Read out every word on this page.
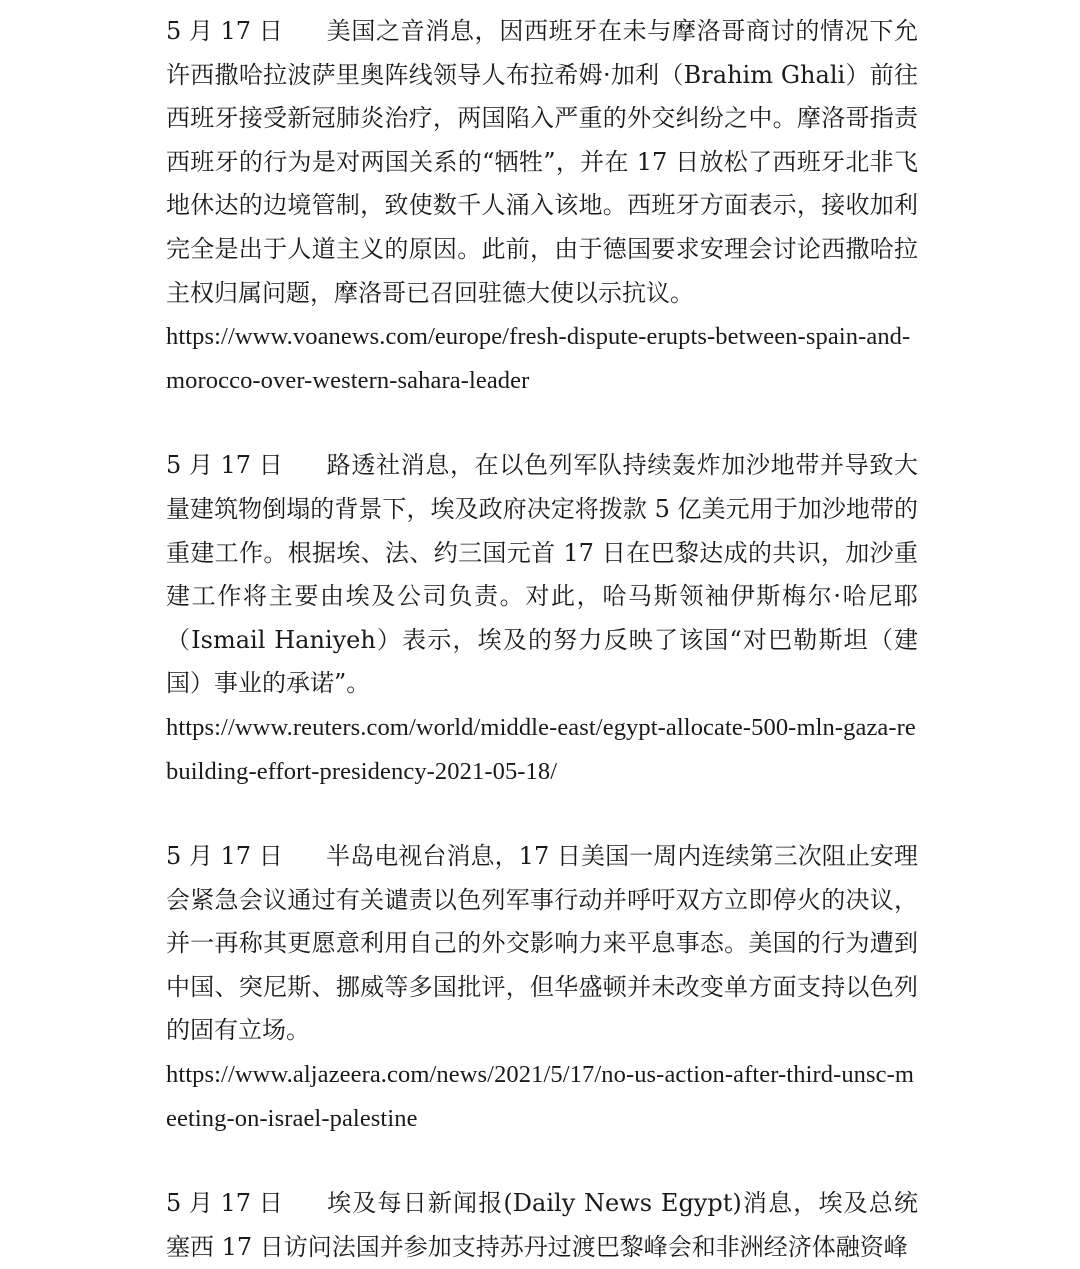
5 月 17 日 美国之音消息，因西班牙在未与摩洛哥商讨的情况下允许西撒哈拉波萨里奥阵线领导人布拉希姆·加利（Brahim Ghali）前往西班牙接受新冠肺炎治疗，两国陷入严重的外交纠纷之中。摩洛哥指责西班牙的行为是对两国关系的“牺牲”，并在 17 日放松了西班牙北非飞地休达的边境管制，致使数千人涌入该地。西班牙方面表示，接收加利完全是出于人道主义的原因。此前，由于德国要求安理会讨论西撒哈拉主权归属问题，摩洛哥已召回驻德大使以示抗议。

https://www.voanews.com/europe/fresh-dispute-erupts-between-spain-and-morocco-over-western-sahara-leader

5 月 17 日 路透社消息，在以色列军队持续轰炸加沙地带并导致大量建筑物倒塌的背景下，埃及政府决定将拨款 5 亿美元用于加沙地带的重建工作。根据埃、法、约三国元首 17 日在巴黎达成的共识，加沙重建工作将主要由埃及公司负责。对此，哈马斯领袖伊斯梅尔·哈尼耶（Ismail Haniyeh）表示，埃及的努力反映了该国“对巴勒斯坦（建国）事业的承诺”。

https://www.reuters.com/world/middle-east/egypt-allocate-500-mln-gaza-rebuilding-effort-presidency-2021-05-18/

5 月 17 日 半岛电视台消息，17 日美国一周内连续第三次阻止安理会紧急会议通过有关谴责以色列军事行动并呼吁双方立即停火的决议，并一再称其更愿意利用自己的外交影响力来平息事态。美国的行为遭到中国、突尼斯、挪威等多国批评，但华盛顿并未改变单方面支持以色列的固有立场。

https://www.aljazeera.com/news/2021/5/17/no-us-action-after-third-unsc-meeting-on-israel-palestine

5 月 17 日 埃及每日新闻报(Daily News Egypt)消息，埃及总统塞西 17 日访问法国并参加支持苏丹过渡巴黎峰会和非洲经济体融资峰
